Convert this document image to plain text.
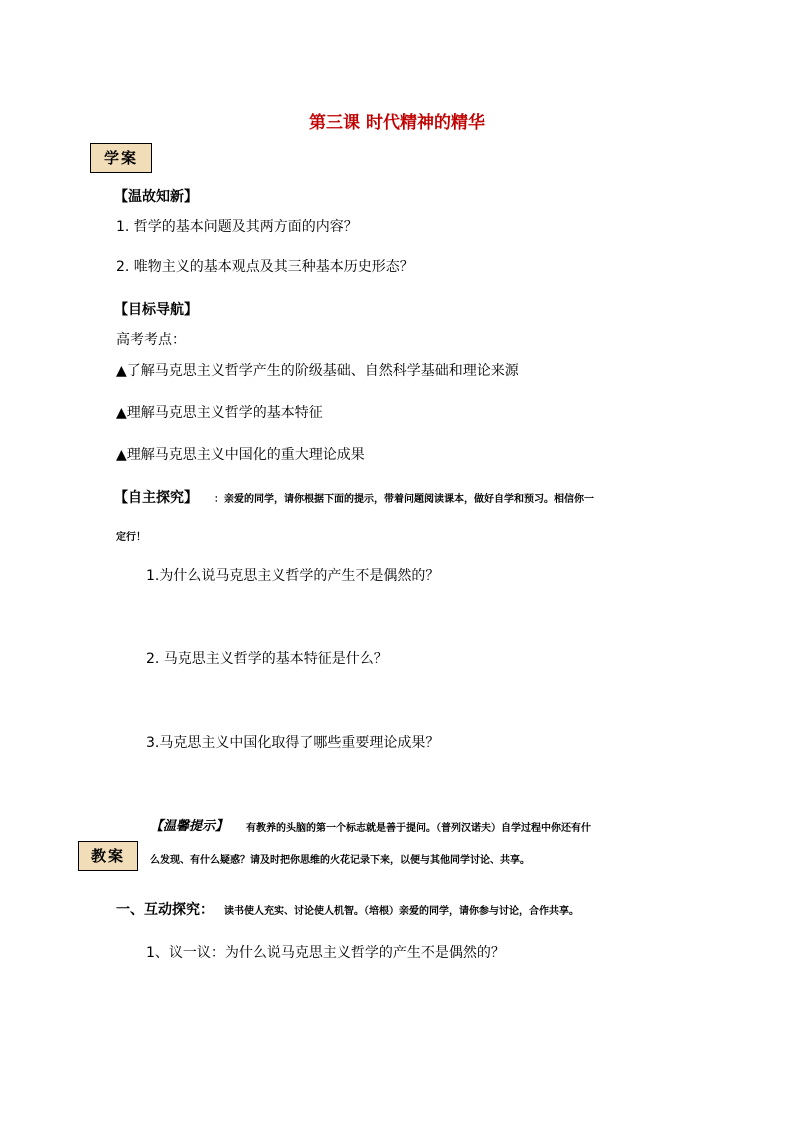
第三课 时代精神的精华
学案
【温故知新】
1. 哲学的基本问题及其两方面的内容？
2. 唯物主义的基本观点及其三种基本历史形态？
【目标导航】
高考考点：
▲了解马克思主义哲学产生的阶级基础、自然科学基础和理论来源
▲理解马克思主义哲学的基本特征
▲理解马克思主义中国化的重大理论成果
【自主探究】 ：亲爱的同学，请你根据下面的提示，带着问题阅读课本，做好自学和预习。相信你一
定行！
1.为什么说马克思主义哲学的产生不是偶然的？
2. 马克思主义哲学的基本特征是什么？
3.马克思主义中国化取得了哪些重要理论成果？
【温馨提示】 有教养的头脑的第一个标志就是善于提问。（普列汉诺夫）自学过程中你还有什
教案	么发现、有什么疑惑？请及时把你思维的火花记录下来，以便与其他同学讨论、共享。
一、互动探究： 读书使人充实、讨论使人机智。（培根）亲爱的同学，请你参与讨论，合作共享。
1、议一议：为什么说马克思主义哲学的产生不是偶然的？
